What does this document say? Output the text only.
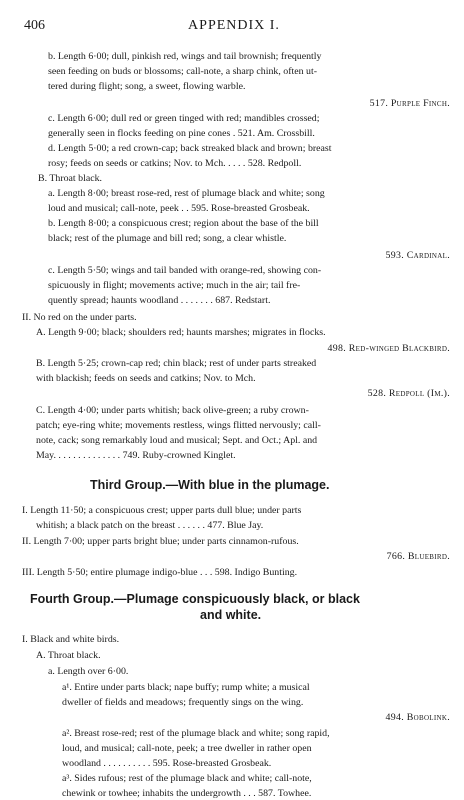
406	APPENDIX I.
b. Length 6·00; dull, pinkish red, wings and tail brownish; frequently
seen feeding on buds or blossoms; call-note, a sharp chink, often ut-
tered during flight; song, a sweet, flowing warble.
517. Purple Finch.
c. Length 6·00; dull red or green tinged with red; mandibles crossed;
generally seen in flocks feeding on pine cones . 521. Am. Crossbill.
d. Length 5·00; a red crown-cap; back streaked black and brown; breast
rosy; feeds on seeds or catkins; Nov. to Mch. . . . . 528. Redpoll.
B. Throat black.
a. Length 8·00; breast rose-red, rest of plumage black and white; song
loud and musical; call-note, peek . . 595. Rose-breasted Grosbeak.
b. Length 8·00; a conspicuous crest; region about the base of the bill
black; rest of the plumage and bill red; song, a clear whistle.
593. Cardinal.
c. Length 5·50; wings and tail banded with orange-red, showing con-
spicuously in flight; movements active; much in the air; tail fre-
quently spread; haunts woodland . . . . . . . 687. Redstart.
II. No red on the under parts.
A. Length 9·00; black; shoulders red; haunts marshes; migrates in flocks.
498. Red-winged Blackbird.
B. Length 5·25; crown-cap red; chin black; rest of under parts streaked
with blackish; feeds on seeds and catkins; Nov. to Mch.
528. Redpoll (Im.).
C. Length 4·00; under parts whitish; back olive-green; a ruby crown-
patch; eye-ring white; movements restless, wings flitted nervously; call-
note, cack; song remarkably loud and musical; Sept. and Oct.; Apl. and
May. . . . . . . . . . . . . . 749. Ruby-crowned Kinglet.
Third Group.—With blue in the plumage.
I. Length 11·50; a conspicuous crest; upper parts dull blue; under parts
whitish; a black patch on the breast . . . . . . 477. Blue Jay.
II. Length 7·00; upper parts bright blue; under parts cinnamon-rufous.
766. Bluebird.
III. Length 5·50; entire plumage indigo-blue . . . 598. Indigo Bunting.
Fourth Group.—Plumage conspicuously black, or black
and white.
I. Black and white birds.
A. Throat black.
a. Length over 6·00.
a¹. Entire under parts black; nape buffy; rump white; a musical
dweller of fields and meadows; frequently sings on the wing.
494. Bobolink.
a². Breast rose-red; rest of the plumage black and white; song rapid,
loud, and musical; call-note, peek; a tree dweller in rather open
woodland . . . . . . . . . . 595. Rose-breasted Grosbeak.
a³. Sides rufous; rest of the plumage black and white; call-note,
chewink or towhee; inhabits the undergrowth . . . 587. Towhee.
